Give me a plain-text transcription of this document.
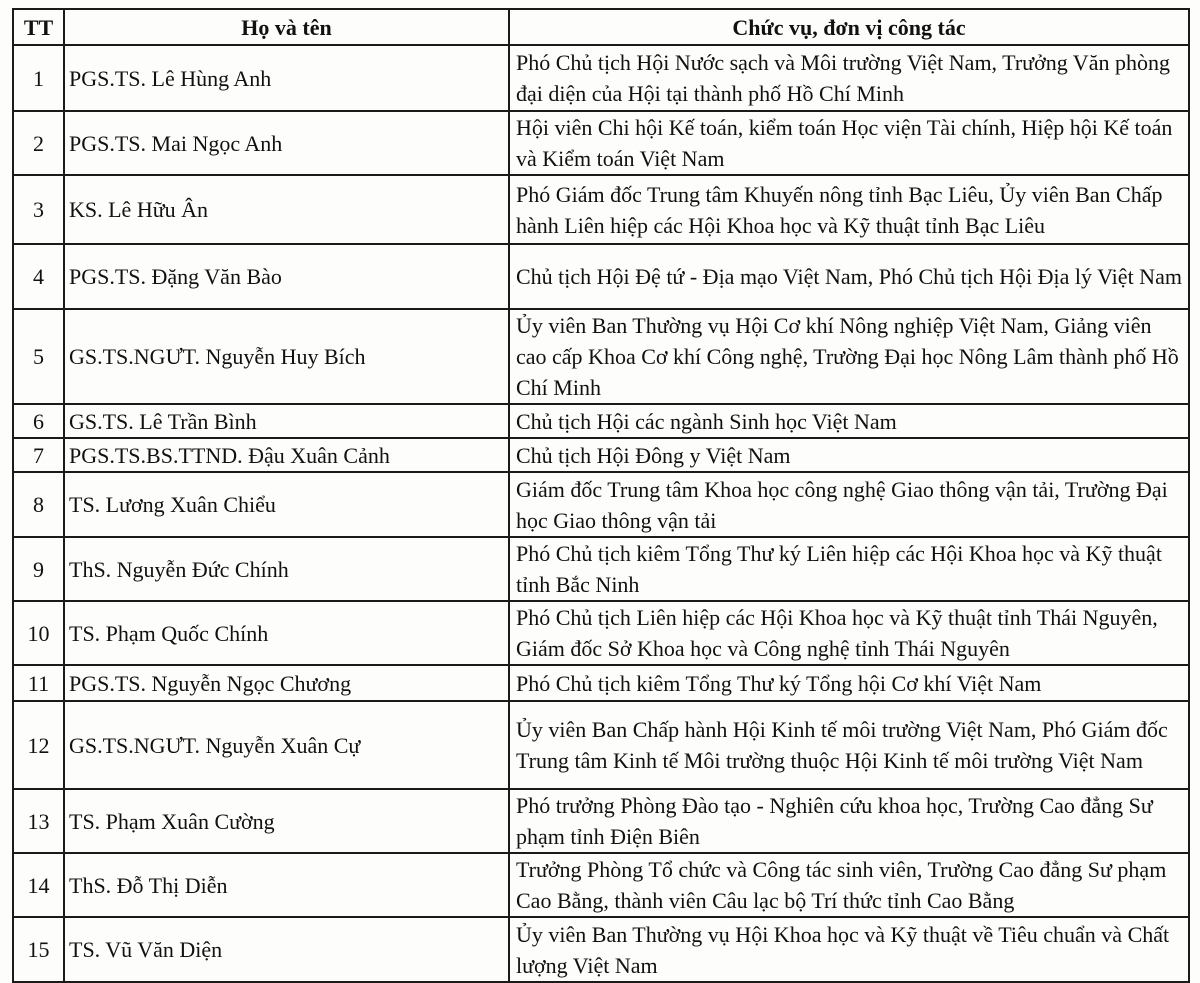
TT	Họ và tên	Chức vụ, đơn vị công tác
1	PGS.TS. Lê Hùng Anh	Phó Chủ tịch Hội Nước sạch và Môi trường Việt Nam, Trưởng Văn phòng đại diện của Hội tại thành phố Hồ Chí Minh
2	PGS.TS. Mai Ngọc Anh	Hội viên Chi hội Kế toán, kiểm toán Học viện Tài chính, Hiệp hội Kế toán và Kiểm toán Việt Nam
3	KS. Lê Hữu Ân	Phó Giám đốc Trung tâm Khuyến nông tỉnh Bạc Liêu, Ủy viên Ban Chấp hành Liên hiệp các Hội Khoa học và Kỹ thuật tỉnh Bạc Liêu
4	PGS.TS. Đặng Văn Bào	Chủ tịch Hội Đệ tứ - Địa mạo Việt Nam, Phó Chủ tịch Hội Địa lý Việt Nam
5	GS.TS.NGƯT. Nguyễn Huy Bích	Ủy viên Ban Thường vụ Hội Cơ khí Nông nghiệp Việt Nam, Giảng viên cao cấp Khoa Cơ khí Công nghệ, Trường Đại học Nông Lâm thành phố Hồ Chí Minh
6	GS.TS. Lê Trần Bình	Chủ tịch Hội các ngành Sinh học Việt Nam
7	PGS.TS.BS.TTND. Đậu Xuân Cảnh	Chủ tịch Hội Đông y Việt Nam
8	TS. Lương Xuân Chiểu	Giám đốc Trung tâm Khoa học công nghệ Giao thông vận tải, Trường Đại học Giao thông vận tải
9	ThS. Nguyễn Đức Chính	Phó Chủ tịch kiêm Tổng Thư ký Liên hiệp các Hội Khoa học và Kỹ thuật tỉnh Bắc Ninh
10	TS. Phạm Quốc Chính	Phó Chủ tịch Liên hiệp các Hội Khoa học và Kỹ thuật tỉnh Thái Nguyên, Giám đốc Sở Khoa học và Công nghệ tỉnh Thái Nguyên
11	PGS.TS. Nguyễn Ngọc Chương	Phó Chủ tịch kiêm Tổng Thư ký Tổng hội Cơ khí Việt Nam
12	GS.TS.NGƯT. Nguyễn Xuân Cự	Ủy viên Ban Chấp hành Hội Kinh tế môi trường Việt Nam, Phó Giám đốc Trung tâm Kinh tế Môi trường thuộc Hội Kinh tế môi trường Việt Nam
13	TS. Phạm Xuân Cường	Phó trưởng Phòng Đào tạo - Nghiên cứu khoa học, Trường Cao đẳng Sư phạm tỉnh Điện Biên
14	ThS. Đỗ Thị Diễn	Trưởng Phòng Tổ chức và Công tác sinh viên, Trường Cao đẳng Sư phạm Cao Bằng, thành viên Câu lạc bộ Trí thức tỉnh Cao Bằng
15	TS. Vũ Văn Diện	Ủy viên Ban Thường vụ Hội Khoa học và Kỹ thuật về Tiêu chuẩn và Chất lượng Việt Nam
